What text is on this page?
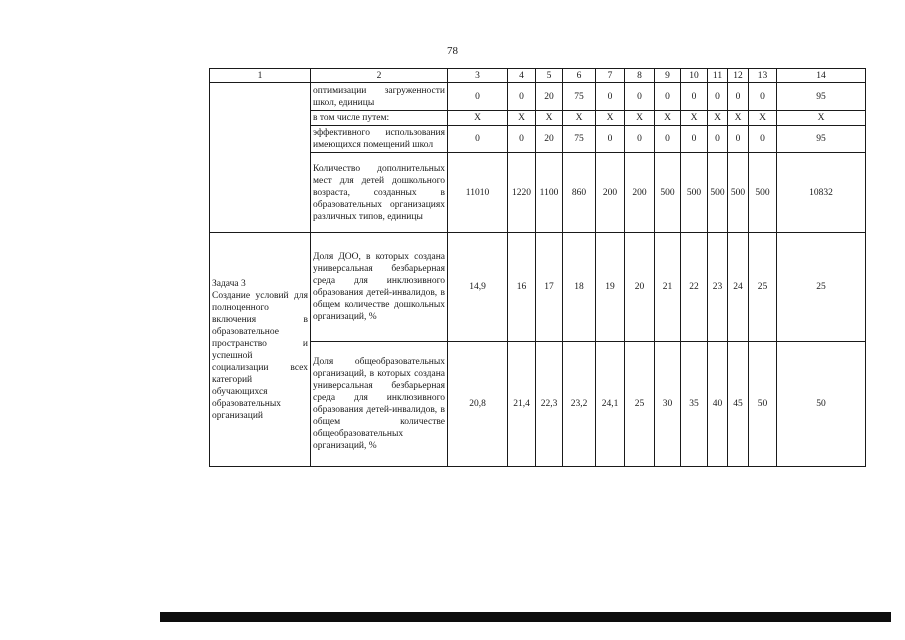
78
1	2	3	4	5	6	7	8	9	10	11	12	13	14
	оптимизации загруженности школ, единицы	0	0	20	75	0	0	0	0	0	0	0	95
	в том числе путем:	X	X	X	X	X	X	X	X	X	X	X	X
	эффективного использования имеющихся помещений школ	0	0	20	75	0	0	0	0	0	0	0	95
	Количество дополнительных мест для детей дошкольного возраста, созданных в образовательных организациях различных типов, единицы	11010	1220	1100	860	200	200	500	500	500	500	500	10832

Задача 3
Создание условий для полноценного включения в образовательное пространство и успешной социализации всех категорий обучающихся образовательных организаций	Доля ДОО, в которых создана универсальная безбарьерная среда для инклюзивного образования детей-инвалидов, в общем количестве дошкольных организаций, %	14,9	16	17	18	19	20	21	22	23	24	25	25
	Доля общеобразовательных организаций, в которых создана универсальная безбарьерная среда для инклюзивного образования детей-инвалидов, в общем количестве общеобразовательных организаций, %	20,8	21,4	22,3	23,2	24,1	25	30	35	40	45	50	50
